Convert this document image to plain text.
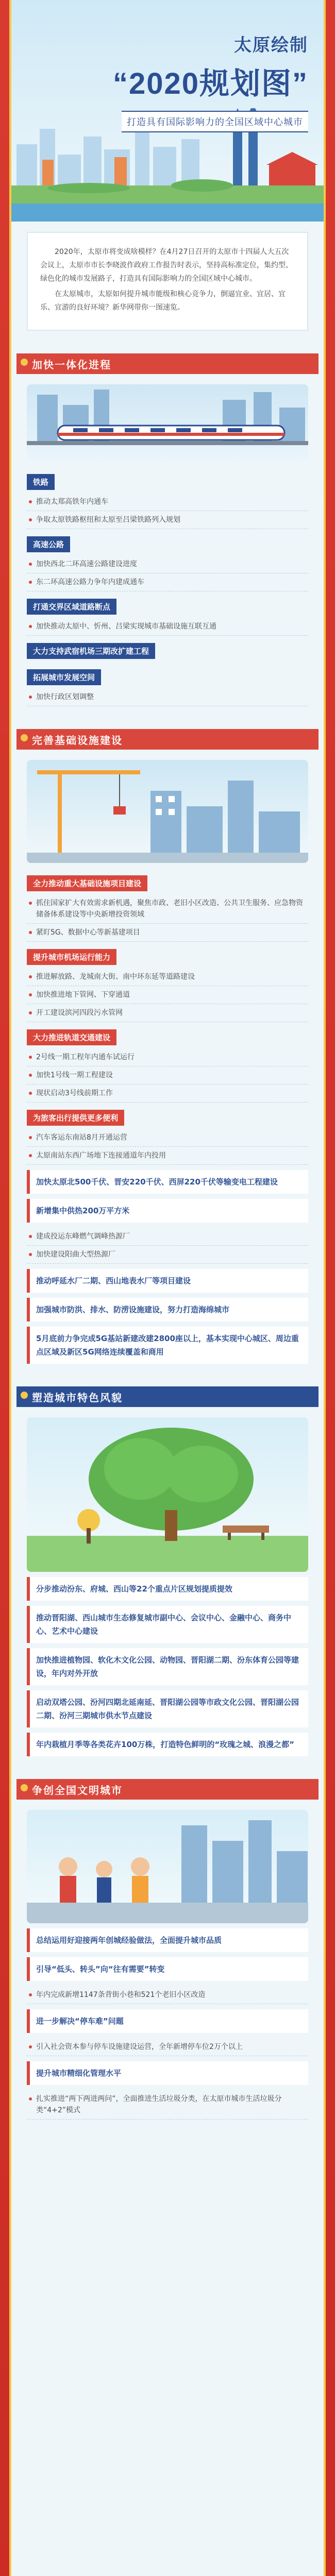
太原绘制
“2020规划图”
打造具有国际影响力的全国区域中心城市

2020年，太原市将变成啥模样？在4月27日召开的太原市十四届人大五次会议上，太原市市长李晓波作政府工作报告时表示，坚持高标准定位，集约型、绿色化的城市发展路子，打造具有国际影响力的全国区域中心城市。

在太原城市，太原如何提升城市能级和核心竞争力，倒逼宜业、宜居、宜乐、宜游的良好环境？新华网带你一图速览。

加快一体化进程
铁路
推动太郑高铁年内通车
争取太原铁路枢纽和太原至吕梁铁路列入规划
高速公路
加快西北二环高速公路建设进度
东二环高速公路力争年内建成通车
打通交界区域道路断点
加快推动太原中、忻州、吕梁实现城市基础设施互联互通
大力支持武宿机场三期改扩建工程
拓展城市发展空间
加快行政区划调整
完善基础设施建设
全力推动重大基础设施项目建设
抓住国家扩大有效需求新机遇，聚焦市政、老旧小区改造、公共卫生服务、应急物资储备体系建设等中央新增投资领域
紧盯5G、数据中心等新基建项目
提升城市机场运行能力
推进解放路、龙城南大街、南中环东延等道路建设
加快推进地下管网、下穿通道
开工建设滨河四段污水管网
大力推进轨道交通建设
2号线一期工程年内通车试运行
加快1号线一期工程建设
现状启动3号线前期工作
为旅客出行提供更多便利
汽车客运东南站8月开通运营
太原南站东西广场地下连接通道年内投用
加快太原北500千伏、晋安220千伏、西屏220千伏等输变电工程建设
新增集中供热200万平方米
建成投运东峰燃气调峰热源厂
加快建设阳曲大型热源厂
推动呼延水厂二期、西山地表水厂等项目建设
加强城市防洪、排水、防涝设施建设，努力打造海绵城市
5月底前力争完成5G基站新建改建2800座以上，基本实现中心城区、周边重点区域及新区5G网络连续覆盖和商用
塑造城市特色风貌
分步推动汾东、府城、西山等22个重点片区规划提质提效
推动晋阳湖、西山城市生态修复城市副中心、会议中心、金融中心、商务中心、艺术中心建设
加快推进植物园、软化木文化公园、动物园、晋阳湖二期、汾东体育公园等建设，年内对外开放
启动双塔公园、汾河四期北延南延、晋阳湖公园等市政文化公园、晋阳湖公园二期、汾河三期城市供水节点建设
年内栽植月季等各类花卉100万株，打造特色鲜明的“玫瑰之城、浪漫之都”
争创全国文明城市
总结运用好迎接两年创城经验做法，全面提升城市品质
引导“低头、转头”向“往有需要”转变
年内完成新增1147条背街小巷和521个老旧小区改造
进一步解决“停车难”问题
引入社会资本参与停车设施建设运营，全年新增停车位2万个以上
提升城市精细化管理水平
扎实推进“两下两进两问”，全面推进生活垃圾分类，在太原市城市生活垃圾分类“4+2”模式
